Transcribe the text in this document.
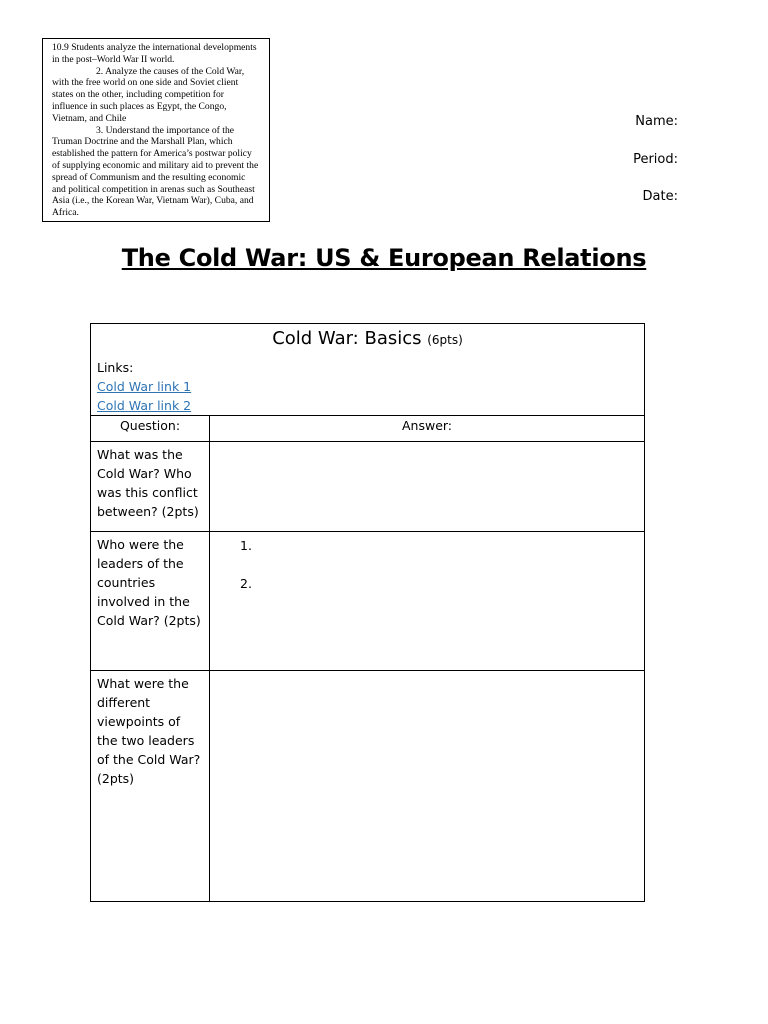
10.9 Students analyze the international developments in the post–World War II world.

2. Analyze the causes of the Cold War, with the free world on one side and Soviet client states on the other, including competition for influence in such places as Egypt, the Congo, Vietnam, and Chile

3. Understand the importance of the Truman Doctrine and the Marshall Plan, which established the pattern for America’s postwar policy of supplying economic and military aid to prevent the spread of Communism and the resulting economic and political competition in arenas such as Southeast Asia (i.e., the Korean War, Vietnam War), Cuba, and Africa.

Name:
Period:
Date:
The Cold War: US & European Relations
Cold War: Basics (6pts)
Links:
Cold War link 1
Cold War link 2	

Question:	Answer:
What was the Cold War? Who was this conflict between? (2pts)	
Who were the leaders of the countries involved in the Cold War? (2pts)	1.
2.

What were the different viewpoints of the two leaders of the Cold War? (2pts)	
